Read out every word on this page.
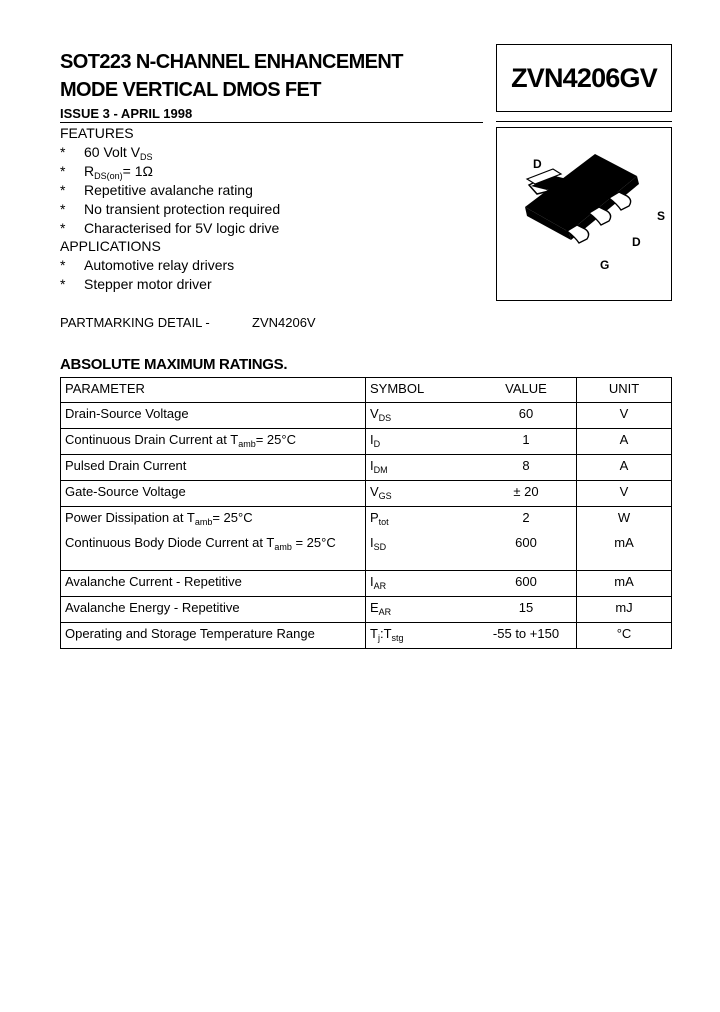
SOT223 N-CHANNEL ENHANCEMENT
MODE VERTICAL DMOS FET
ISSUE 3 - APRIL 1998
ZVN4206GV
D
S
D
G
FEATURES
* 60 Volt $V_{DS}$
* $R_{DS(on)}= 1\Omega$
* Repetitive avalanche rating
* No transient protection required
* Characterised for 5V logic drive
APPLICATIONS
* Automotive relay drivers
* Stepper motor driver
PARTMARKING DETAIL -	ZVN4206V
ABSOLUTE MAXIMUM RATINGS.
PARAMETER	SYMBOL VALUE	UNIT
Drain-Source Voltage	$V_{DS}$ 60	V
Continuous Drain Current at $T_{amb}= 25^\circ C$	$I_D$ 1	A
Pulsed Drain Current	$I_{DM}$ 8	A
Gate-Source Voltage	$V_{GS} \pm 20$	V
Power Dissipation at $T_{amb}= 25^\circ C$	$P_{tot}$ 2	W
Continuous Body Diode Current at $T_{amb} = 25^\circ C$	$I_{SD}$ 600	mA
Avalanche Current - Repetitive	$I_{AR}$ 600	mA
Avalanche Energy - Repetitive	$E_{AR}$ 15	mJ
Operating and Storage Temperature Range	$T_j:T_{stg}$ -55 to +150	°C
